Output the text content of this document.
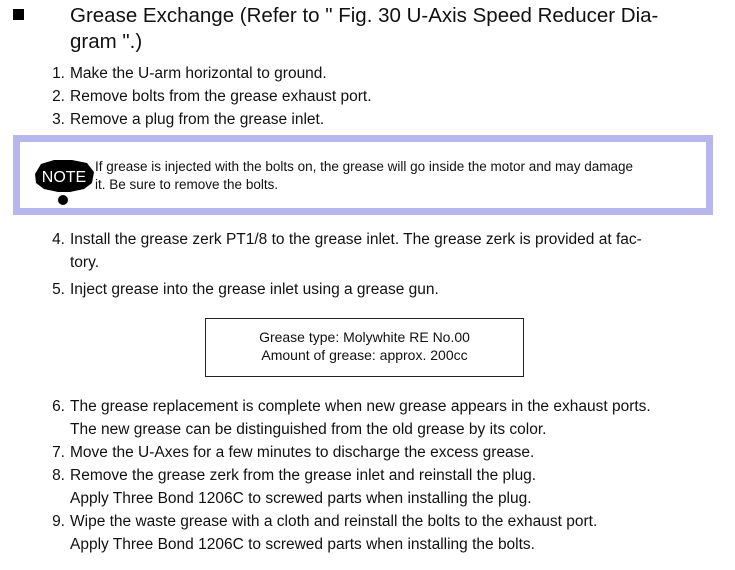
Grease Exchange (Refer to " Fig. 30 U-Axis Speed Reducer Dia-
gram ".)
1. Make the U-arm horizontal to ground.
2. Remove bolts from the grease exhaust port.
3. Remove a plug from the grease inlet.
NOTE
If grease is injected with the bolts on, the grease will go inside the motor and may damage
it. Be sure to remove the bolts.
4. Install the grease zerk PT1/8 to the grease inlet. The grease zerk is provided at fac-
tory.
5. Inject grease into the grease inlet using a grease gun.
Grease type: Molywhite RE No.00
Amount of grease: approx. 200cc
6. The grease replacement is complete when new grease appears in the exhaust ports.
The new grease can be distinguished from the old grease by its color.
7. Move the U-Axes for a few minutes to discharge the excess grease.
8. Remove the grease zerk from the grease inlet and reinstall the plug.
Apply Three Bond 1206C to screwed parts when installing the plug.
9. Wipe the waste grease with a cloth and reinstall the bolts to the exhaust port.
Apply Three Bond 1206C to screwed parts when installing the bolts.
